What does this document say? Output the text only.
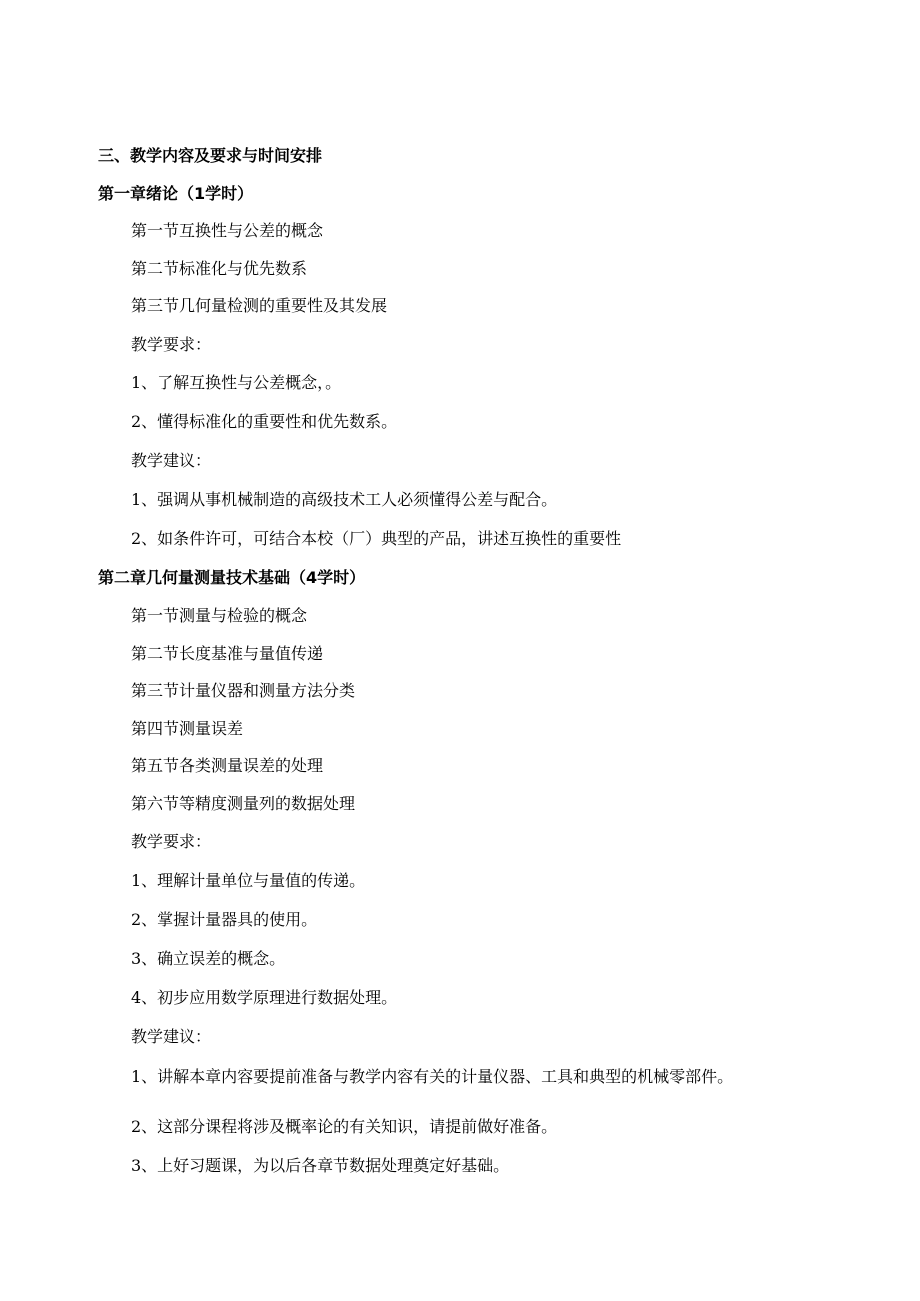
三、教学内容及要求与时间安排
第一章绪论（1学时）
第一节互换性与公差的概念
第二节标准化与优先数系
第三节几何量检测的重要性及其发展
教学要求：
1、了解互换性与公差概念，。
2、懂得标准化的重要性和优先数系。
教学建议：
1、强调从事机械制造的高级技术工人必须懂得公差与配合。
2、如条件许可，可结合本校（厂）典型的产品，讲述互换性的重要性
第二章几何量测量技术基础（4学时）
第一节测量与检验的概念
第二节长度基准与量值传递
第三节计量仪器和测量方法分类
第四节测量误差
第五节各类测量误差的处理
第六节等精度测量列的数据处理
教学要求：
1、理解计量单位与量值的传递。
2、掌握计量器具的使用。
3、确立误差的概念。
4、初步应用数学原理进行数据处理。
教学建议：
1、讲解本章内容要提前准备与教学内容有关的计量仪器、工具和典型的机械零部件。
2、这部分课程将涉及概率论的有关知识，请提前做好准备。
3、上好习题课，为以后各章节数据处理奠定好基础。
